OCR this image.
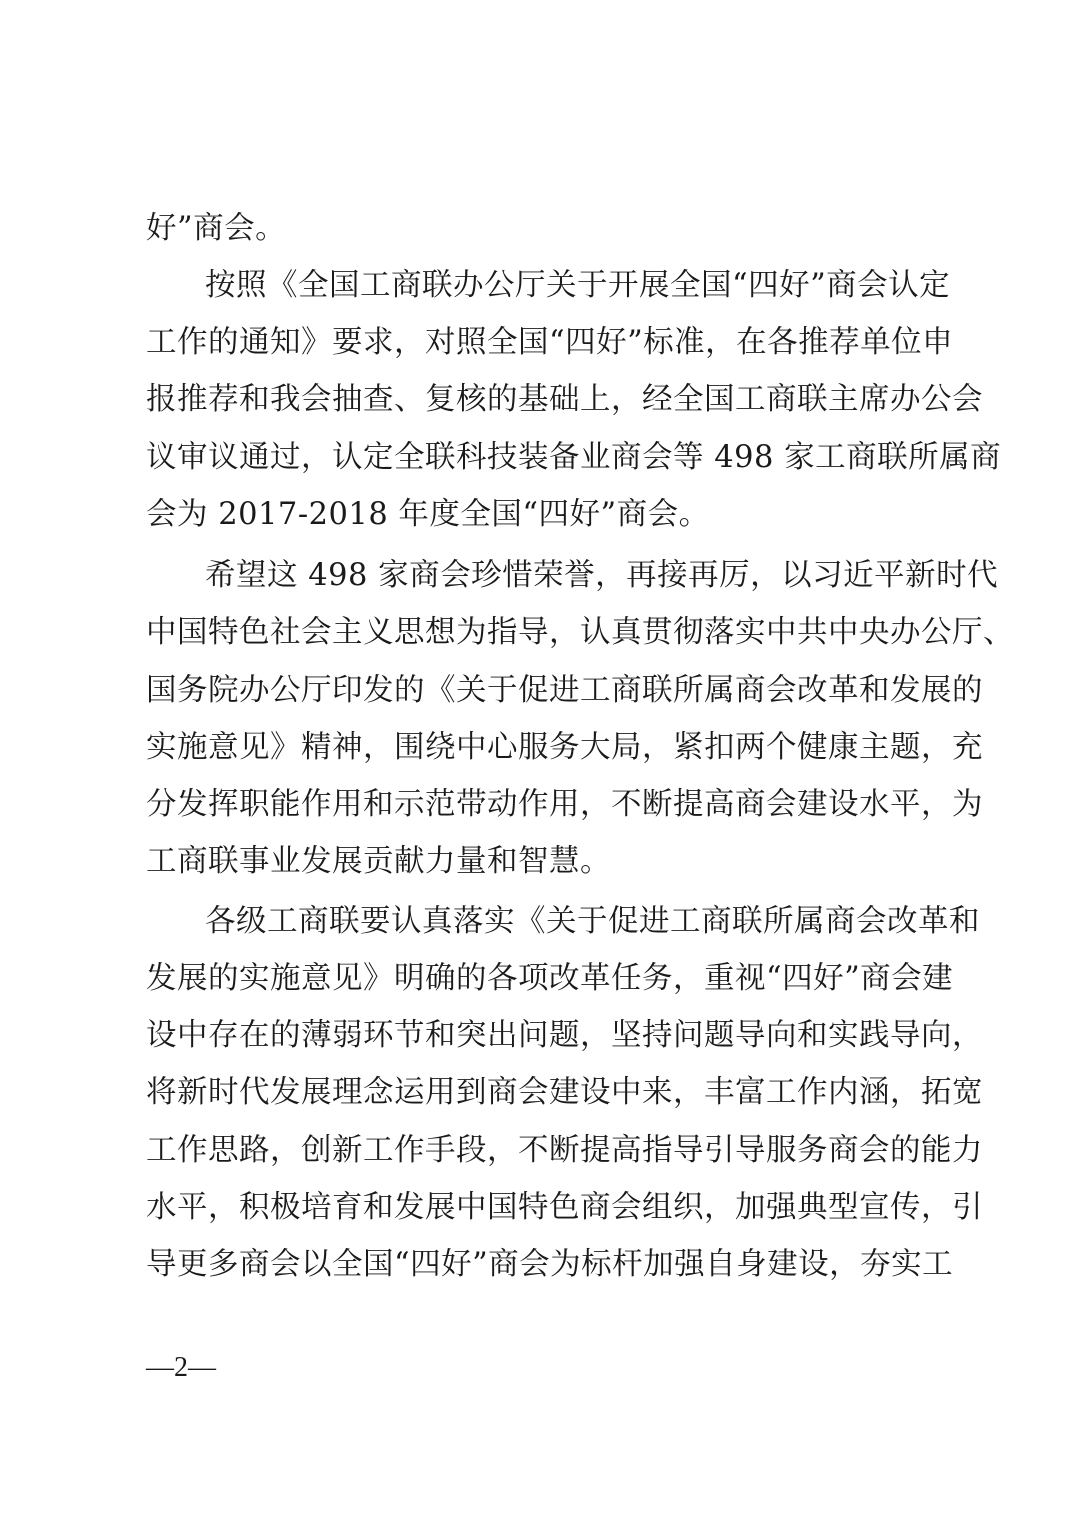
好”商会。
按照《全国工商联办公厅关于开展全国“四好”商会认定
工作的通知》要求，对照全国“四好”标准，在各推荐单位申
报推荐和我会抽查、复核的基础上，经全国工商联主席办公会
议审议通过，认定全联科技装备业商会等 498 家工商联所属商
会为 2017-2018 年度全国“四好”商会。
希望这 498 家商会珍惜荣誉，再接再厉，以习近平新时代
中国特色社会主义思想为指导，认真贯彻落实中共中央办公厅、
国务院办公厅印发的《关于促进工商联所属商会改革和发展的
实施意见》精神，围绕中心服务大局，紧扣两个健康主题，充
分发挥职能作用和示范带动作用，不断提高商会建设水平，为
工商联事业发展贡献力量和智慧。
各级工商联要认真落实《关于促进工商联所属商会改革和
发展的实施意见》明确的各项改革任务，重视“四好”商会建
设中存在的薄弱环节和突出问题，坚持问题导向和实践导向，
将新时代发展理念运用到商会建设中来，丰富工作内涵，拓宽
工作思路，创新工作手段，不断提高指导引导服务商会的能力
水平，积极培育和发展中国特色商会组织，加强典型宣传，引
导更多商会以全国“四好”商会为标杆加强自身建设，夯实工
—2—
